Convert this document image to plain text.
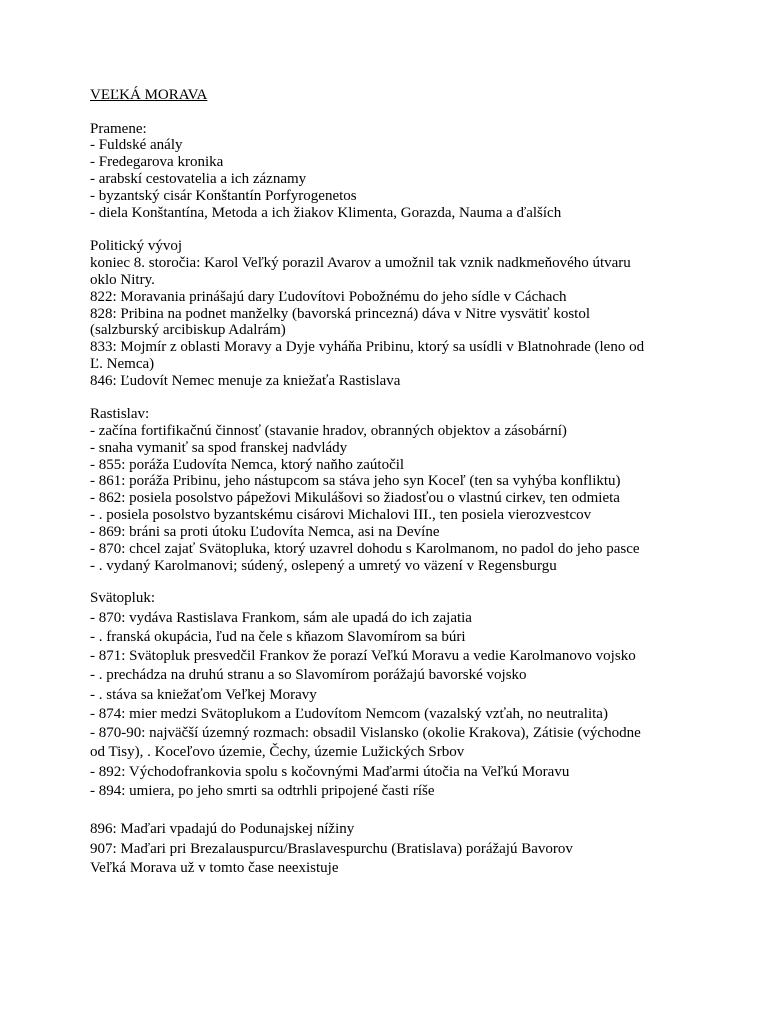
VEĽKÁ MORAVA
Pramene:
- Fuldské anály
- Fredegarova kronika
- arabskí cestovatelia a ich záznamy
- byzantský cisár Konštantín Porfyrogenetos
- diela Konštantína, Metoda a ich žiakov Klimenta, Gorazda, Nauma a ďalších
Politický vývoj
koniec 8. storočia: Karol Veľký porazil Avarov a umožnil tak vznik nadkmeňového útvaru
oklo Nitry.
822: Moravania prinášajú dary Ľudovítovi Pobožnému do jeho sídle v Cáchach
828: Pribina na podnet manželky (bavorská princezná) dáva v Nitre vysvätiť kostol
(salzburský arcibiskup Adalrám)
833: Mojmír z oblasti Moravy a Dyje vyháňa Pribinu, ktorý sa usídli v Blatnohrade (leno od
Ľ. Nemca)
846: Ľudovít Nemec menuje za kniežaťa Rastislava
Rastislav:
- začína fortifikačnú činnosť (stavanie hradov, obranných objektov a zásobární)
- snaha vymaniť sa spod franskej nadvlády
- 855: poráža Ľudovíta Nemca, ktorý naňho zaútočil
- 861: poráža Pribinu, jeho nástupcom sa stáva jeho syn Koceľ (ten sa vyhýba konfliktu)
- 862: posiela posolstvo pápežovi Mikulášovi so žiadosťou o vlastnú cirkev, ten odmieta
- . posiela posolstvo byzantskému cisárovi Michalovi III., ten posiela vierozvestcov
- 869: bráni sa proti útoku Ľudovíta Nemca, asi na Devíne
- 870: chcel zajať Svätopluka, ktorý uzavrel dohodu s Karolmanom, no padol do jeho pasce
- . vydaný Karolmanovi; súdený, oslepený a umretý vo väzení v Regensburgu
Svätopluk:
- 870: vydáva Rastislava Frankom, sám ale upadá do ich zajatia
- . franská okupácia, ľud na čele s kňazom Slavomírom sa búri
- 871: Svätopluk presvedčil Frankov že porazí Veľkú Moravu a vedie Karolmanovo vojsko
- . prechádza na druhú stranu a so Slavomírom porážajú bavorské vojsko
- . stáva sa kniežaťom Veľkej Moravy
- 874: mier medzi Svätoplukom a Ľudovítom Nemcom (vazalský vzťah, no neutralita)
- 870-90: najväčší územný rozmach: obsadil Vislansko (okolie Krakova), Zátisie (východne
od Tisy), . Koceľovo územie, Čechy, územie Lužických Srbov
- 892: Východofrankovia spolu s kočovnými Maďarmi útočia na Veľkú Moravu
- 894: umiera, po jeho smrti sa odtrhli pripojené časti ríše
896: Maďari vpadajú do Podunajskej nížiny
907: Maďari pri Brezalauspurcu/Braslavespurchu (Bratislava) porážajú Bavorov
Veľká Morava už v tomto čase neexistuje
